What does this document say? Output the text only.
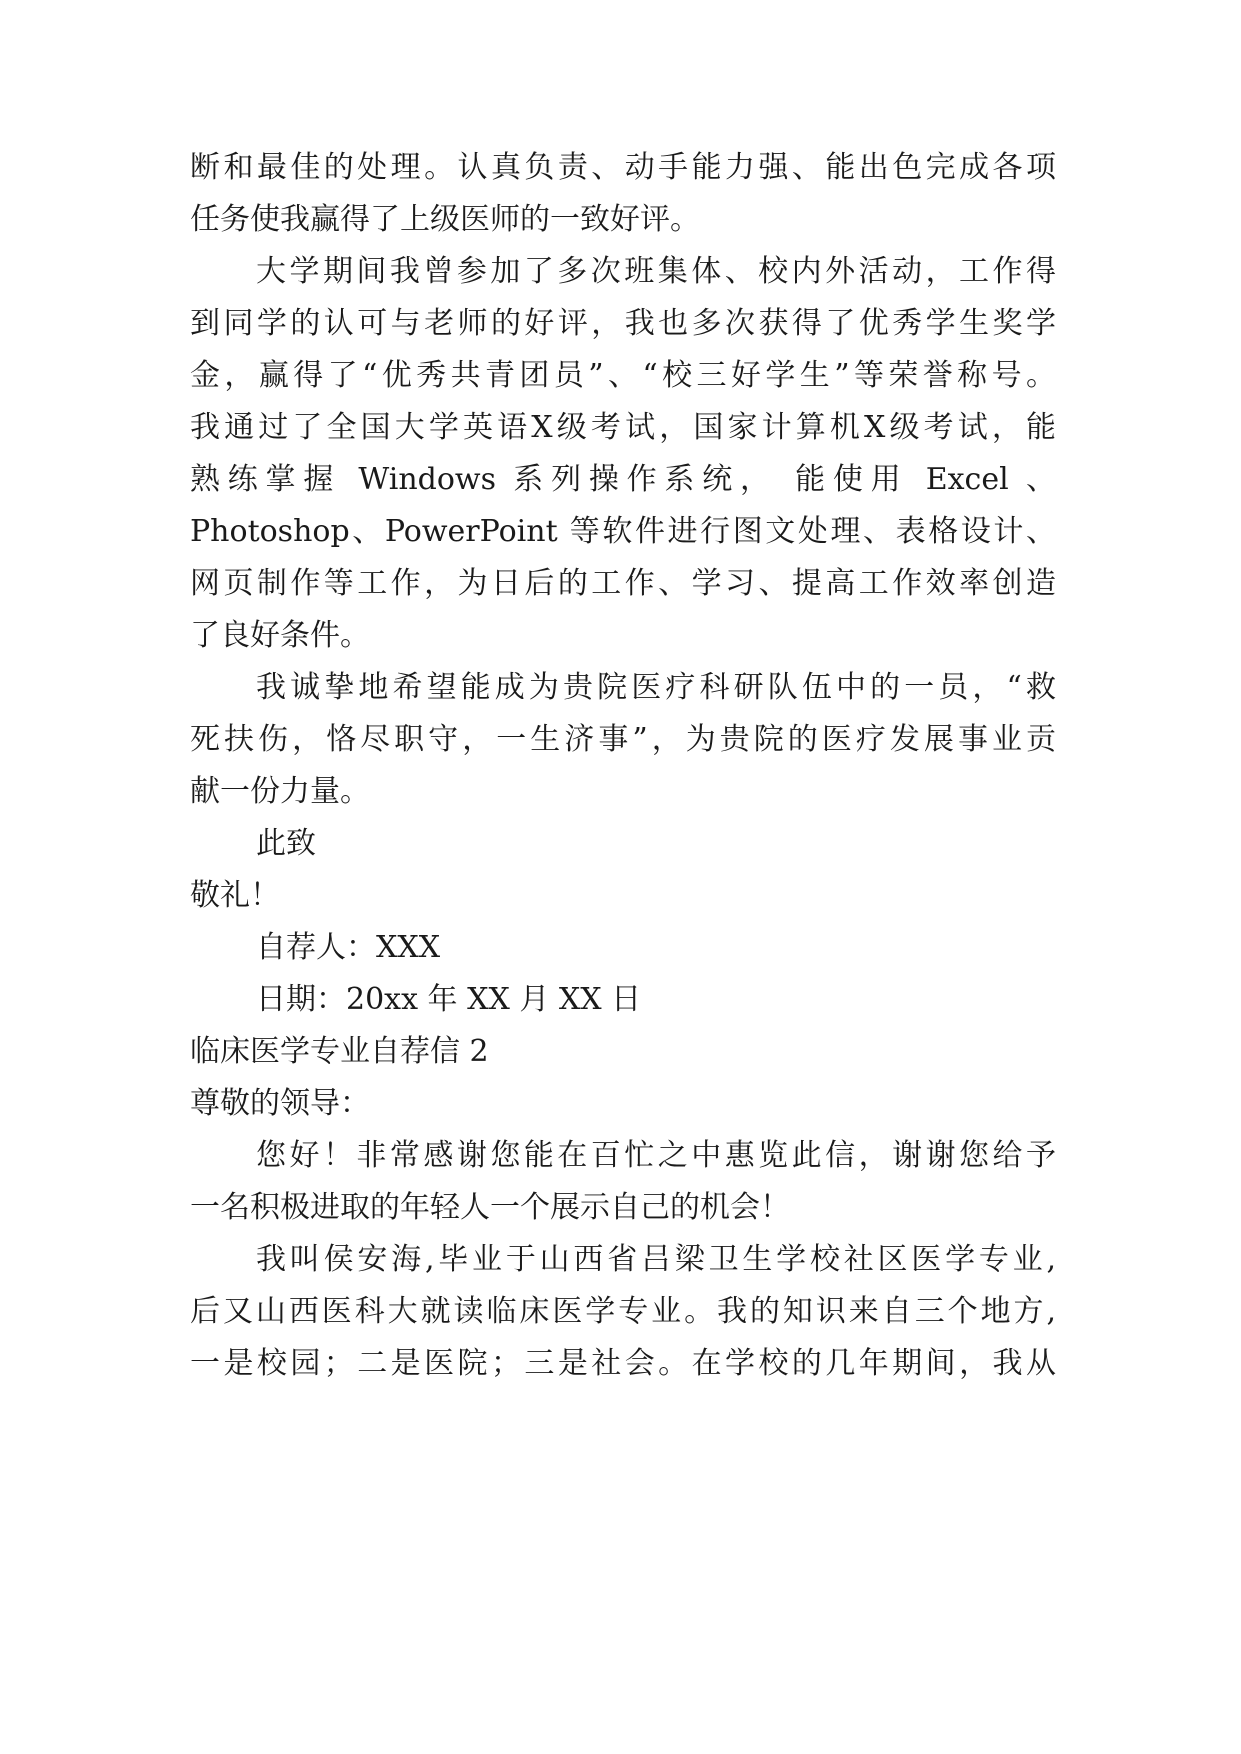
断和最佳的处理。认真负责、动手能力强、能出色完成各项
任务使我赢得了上级医师的一致好评。
大学期间我曾参加了多次班集体、校内外活动，工作得
到同学的认可与老师的好评，我也多次获得了优秀学生奖学
金，赢得了“优秀共青团员”、“校三好学生”等荣誉称号。
我通过了全国大学英语X级考试，国家计算机X级考试，能
熟练掌握 Windows 系列操作系统， 能使用 Excel 、
Photoshop、PowerPoint 等软件进行图文处理、表格设计、
网页制作等工作，为日后的工作、学习、提高工作效率创造
了良好条件。
我诚挚地希望能成为贵院医疗科研队伍中的一员，“救
死扶伤，恪尽职守，一生济事”，为贵院的医疗发展事业贡
献一份力量。
此致
敬礼！
自荐人：XXX
日期：20xx 年 XX 月 XX 日
临床医学专业自荐信 2
尊敬的领导：
您好！非常感谢您能在百忙之中惠览此信，谢谢您给予
一名积极进取的年轻人一个展示自己的机会！
我叫侯安海,毕业于山西省吕梁卫生学校社区医学专业,
后又山西医科大就读临床医学专业。我的知识来自三个地方,
一是校园；二是医院；三是社会。在学校的几年期间，我从
